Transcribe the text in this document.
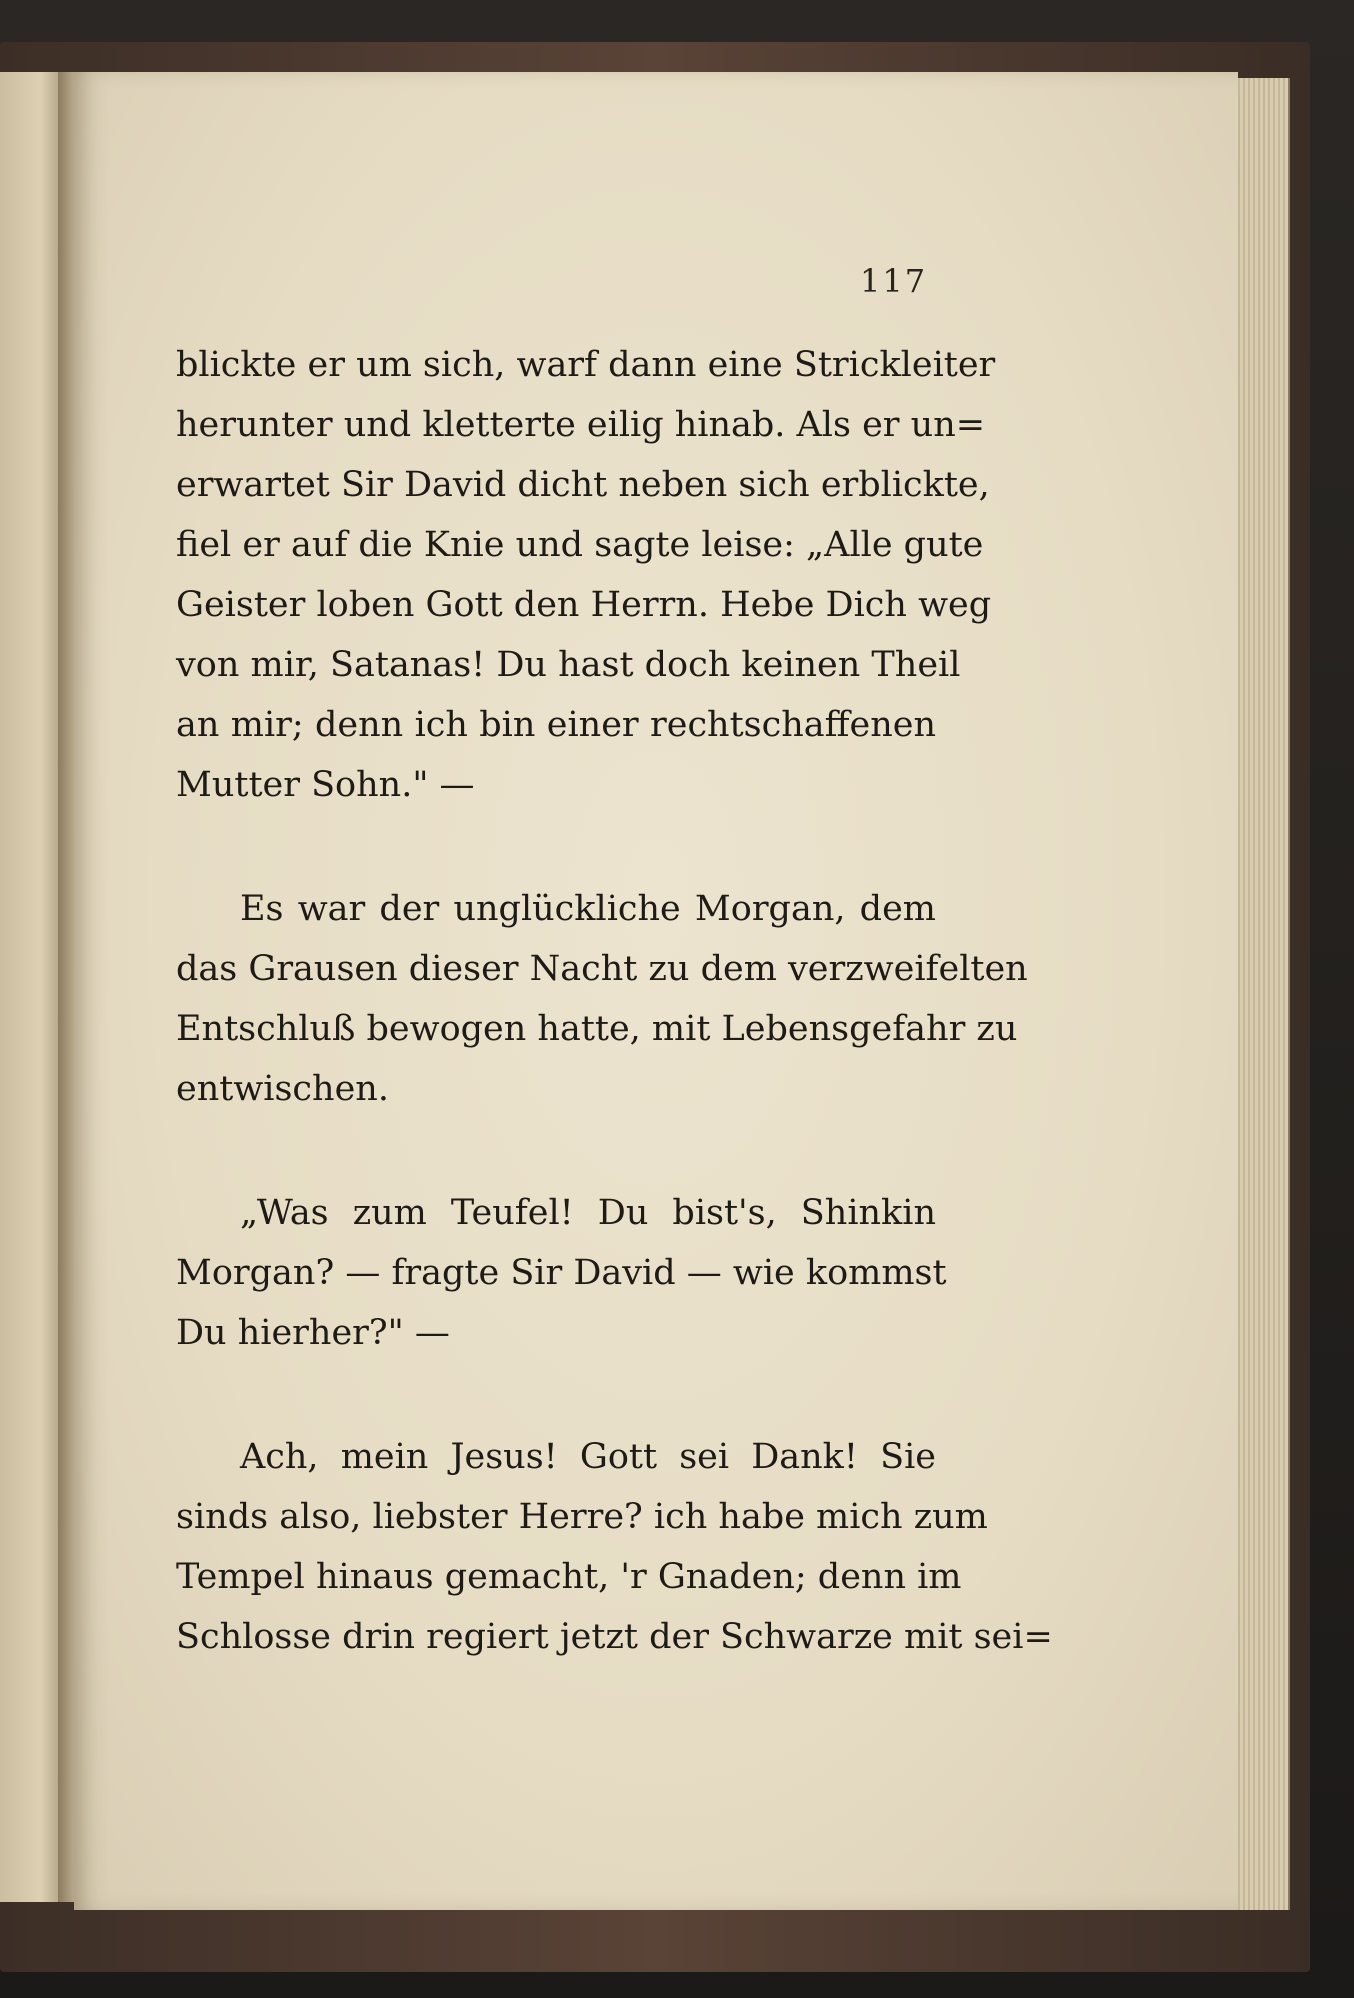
117
blickte er um sich, warf dann eine Strickleiter
herunter und kletterte eilig hinab. Als er un=
erwartet Sir David dicht neben sich erblickte,
fiel er auf die Knie und sagte leise: „Alle gute
Geister loben Gott den Herrn. Hebe Dich weg
von mir, Satanas! Du hast doch keinen Theil
an mir; denn ich bin einer rechtschaffenen
Mutter Sohn." —
Es war der unglückliche Morgan, dem
das Grausen dieser Nacht zu dem verzweifelten
Entschluß bewogen hatte, mit Lebensgefahr zu
entwischen.
„Was zum Teufel! Du bist's, Shinkin
Morgan? — fragte Sir David — wie kommst
Du hierher?" —
Ach, mein Jesus! Gott sei Dank! Sie
sinds also, liebster Herre? ich habe mich zum
Tempel hinaus gemacht, 'r Gnaden; denn im
Schlosse drin regiert jetzt der Schwarze mit sei=
